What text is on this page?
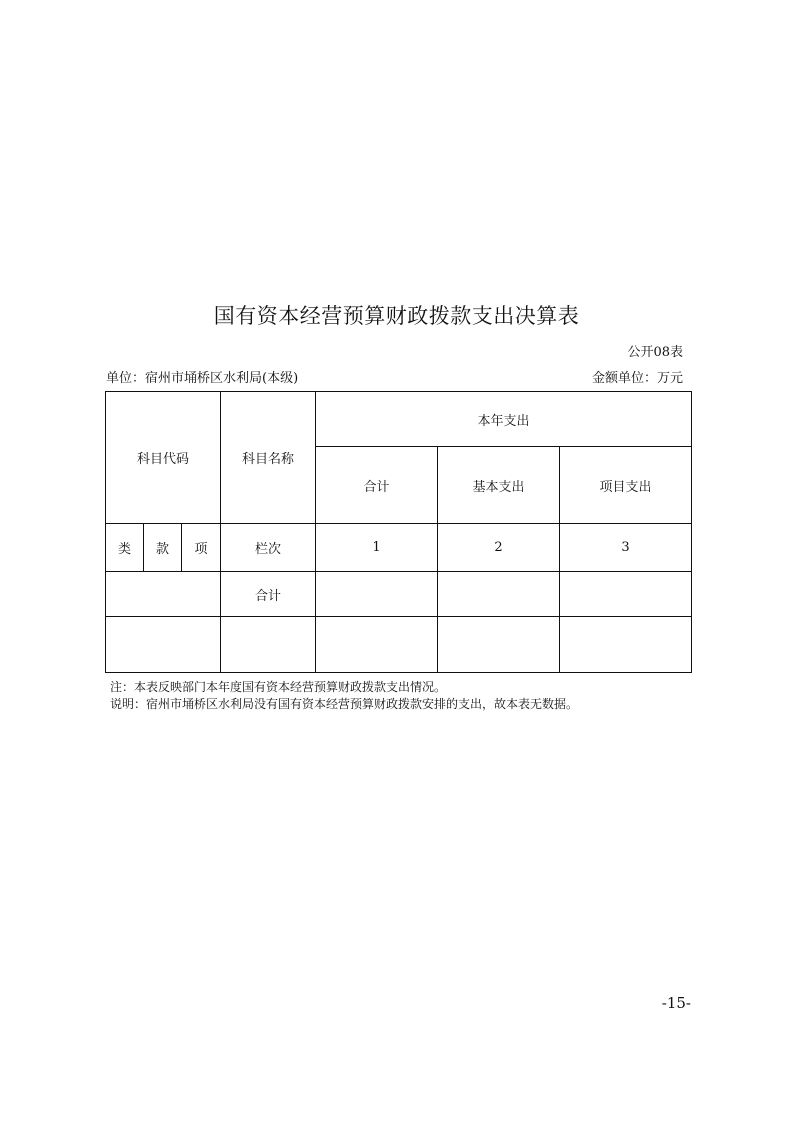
国有资本经营预算财政拨款支出决算表
公开08表
单位：宿州市埇桥区水利局(本级)	金额单位：万元
科目代码			科目名称	本年支出		
				合计	基本支出	项目支出
类	款	项	栏次	1	2	3
			合计			

注：本表反映部门本年度国有资本经营预算财政拨款支出情况。
说明：宿州市埇桥区水利局没有国有资本经营预算财政拨款安排的支出，故本表无数据。
-15-
